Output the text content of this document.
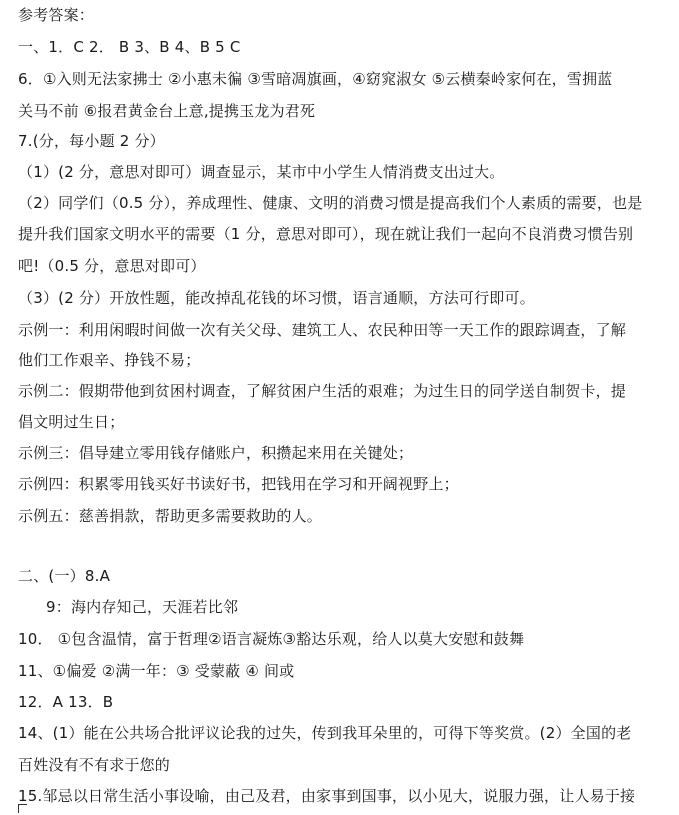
参考答案：
一、1．C 2． B 3、B 4、B 5 C
6．①入则无法家拂士 ②小惠未徧 ③雪暗凋旗画，④窈窕淑女 ⑤云横秦岭家何在，雪拥蓝
关马不前 ⑥报君黄金台上意,提携玉龙为君死
7.(分，每小题 2 分）
（1）(2 分，意思对即可）调查显示，某市中小学生人情消费支出过大。
（2）同学们（0.5 分），养成理性、健康、文明的消费习惯是提高我们个人素质的需要，也是
提升我们国家文明水平的需要（1 分，意思对即可），现在就让我们一起向不良消费习惯告别
吧!（0.5 分，意思对即可）
（3）(2 分）开放性题，能改掉乱花钱的坏习惯，语言通顺，方法可行即可。
示例一：利用闲暇时间做一次有关父母、建筑工人、农民种田等一天工作的跟踪调查，了解
他们工作艰辛、挣钱不易；
示例二：假期带他到贫困村调查，了解贫困户生活的艰难；为过生日的同学送自制贺卡，提
倡文明过生日；
示例三：倡导建立零用钱存储账户，积攒起来用在关键处；
示例四：积累零用钱买好书读好书，把钱用在学习和开阔视野上；
示例五：慈善捐款，帮助更多需要救助的人。
二、(一）8.A
9：海内存知己，天涯若比邻
10． ①包含温情，富于哲理②语言凝炼③豁达乐观，给人以莫大安慰和鼓舞
11、①偏爱 ②满一年：③ 受蒙蔽 ④ 间或
12．A 13．B
14、(1）能在公共场合批评议论我的过失，传到我耳朵里的，可得下等奖赏。(2）全国的老
百姓没有不有求于您的
15.邹忌以日常生活小事设喻，由己及君，由家事到国事，以小见大，说服力强，让人易于接
